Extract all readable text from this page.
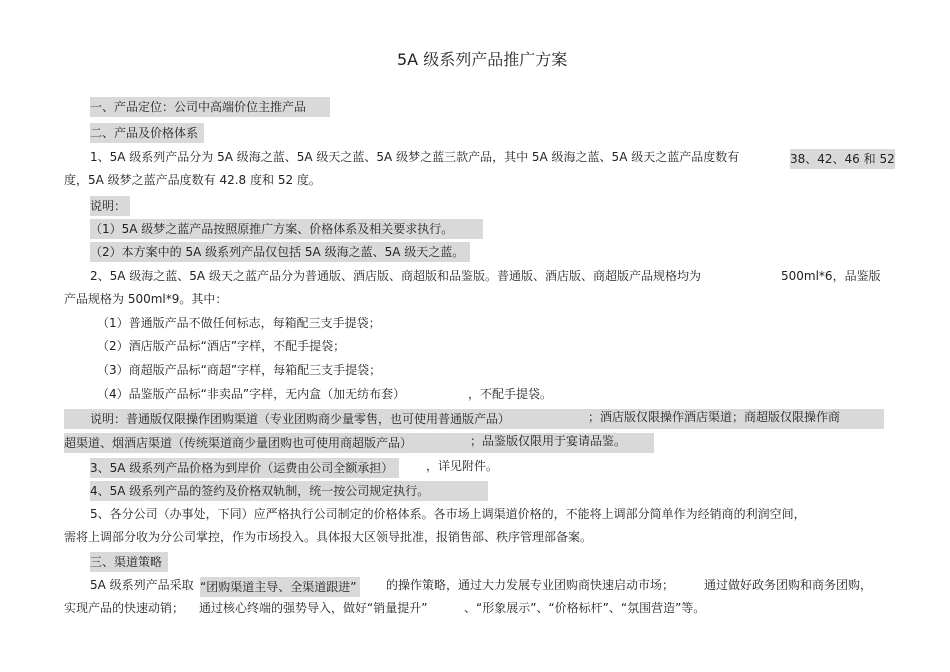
5A 级系列产品推广方案
一、产品定位：公司中高端价位主推产品
二、产品及价格体系
1、5A 级系列产品分为 5A 级海之蓝、5A 级天之蓝、5A 级梦之蓝三款产品，其中 5A 级海之蓝、5A 级天之蓝产品度数有	38、42、46 和 52
度，5A 级梦之蓝产品度数有 42.8 度和 52 度。
说明：
（1）5A 级梦之蓝产品按照原推广方案、价格体系及相关要求执行。
（2）本方案中的 5A 级系列产品仅包括 5A 级海之蓝、5A 级天之蓝。
2、5A 级海之蓝、5A 级天之蓝产品分为普通版、酒店版、商超版和品鉴版。普通版、酒店版、商超版产品规格均为	500ml*6，品鉴版
产品规格为 500ml*9。其中：
（1）普通版产品不做任何标志，每箱配三支手提袋；
（2）酒店版产品标“酒店”字样，不配手提袋；
（3）商超版产品标“商超”字样，每箱配三支手提袋；
（4）品鉴版产品标“非卖品”字样，无内盒（加无纺布套）	，不配手提袋。
说明：普通版仅限操作团购渠道（专业团购商少量零售，也可使用普通版产品）	；酒店版仅限操作酒店渠道；商超版仅限操作商
超渠道、烟酒店渠道（传统渠道商少量团购也可使用商超版产品）	；品鉴版仅限用于宴请品鉴。
3、5A 级系列产品价格为到岸价（运费由公司全额承担）	，详见附件。
4、5A 级系列产品的签约及价格双轨制，统一按公司规定执行。
5、各分公司（办事处，下同）应严格执行公司制定的价格体系。各市场上调渠道价格的，不能将上调部分简单作为经销商的利润空间，
需将上调部分收为分公司掌控，作为市场投入。具体报大区领导批准，报销售部、秩序管理部备案。
三、渠道策略
5A 级系列产品采取 “团购渠道主导、全渠道跟进”	的操作策略，通过大力发展专业团购商快速启动市场； 通过做好政务团购和商务团购，
实现产品的快速动销； 通过核心终端的强势导入，做好“销量提升”	、“形象展示”、“价格标杆”、“氛围营造”等。
